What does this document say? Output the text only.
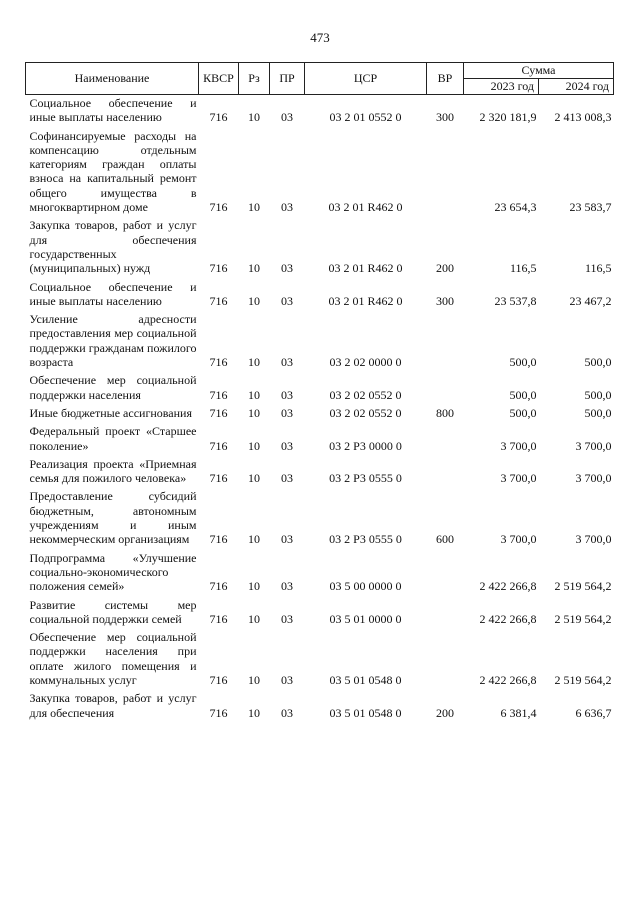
473
Наименование	КВСР	Рз	ПР	ЦСР	ВР	Сумма	
						2023 год	2024 год
Социальное обеспечение и иные выплаты населению	716	10	03	03 2 01 0552 0	300	2 320 181,9	2 413 008,3
Софинансируемые расходы на компенсацию отдельным категориям граждан оплаты взноса на капитальный ремонт общего имущества в многоквартирном доме	716	10	03	03 2 01 R462 0		23 654,3	23 583,7
Закупка товаров, работ и услуг для обеспечения государственных (муниципальных) нужд	716	10	03	03 2 01 R462 0	200	116,5	116,5
Социальное обеспечение и иные выплаты населению	716	10	03	03 2 01 R462 0	300	23 537,8	23 467,2
Усиление адресности предоставления мер социальной поддержки гражданам пожилого возраста	716	10	03	03 2 02 0000 0		500,0	500,0
Обеспечение мер социальной поддержки населения	716	10	03	03 2 02 0552 0		500,0	500,0
Иные бюджетные ассигнования	716	10	03	03 2 02 0552 0	800	500,0	500,0
Федеральный проект «Старшее поколение»	716	10	03	03 2 P3 0000 0		3 700,0	3 700,0
Реализация проекта «Приемная семья для пожилого человека»	716	10	03	03 2 P3 0555 0		3 700,0	3 700,0
Предоставление субсидий бюджетным, автономным учреждениям и иным некоммерческим организациям	716	10	03	03 2 P3 0555 0	600	3 700,0	3 700,0
Подпрограмма «Улучшение социально-экономического положения семей»	716	10	03	03 5 00 0000 0		2 422 266,8	2 519 564,2
Развитие системы мер социальной поддержки семей	716	10	03	03 5 01 0000 0		2 422 266,8	2 519 564,2
Обеспечение мер социальной поддержки населения при оплате жилого помещения и коммунальных услуг	716	10	03	03 5 01 0548 0		2 422 266,8	2 519 564,2
Закупка товаров, работ и услуг для обеспечения	716	10	03	03 5 01 0548 0	200	6 381,4	6 636,7
